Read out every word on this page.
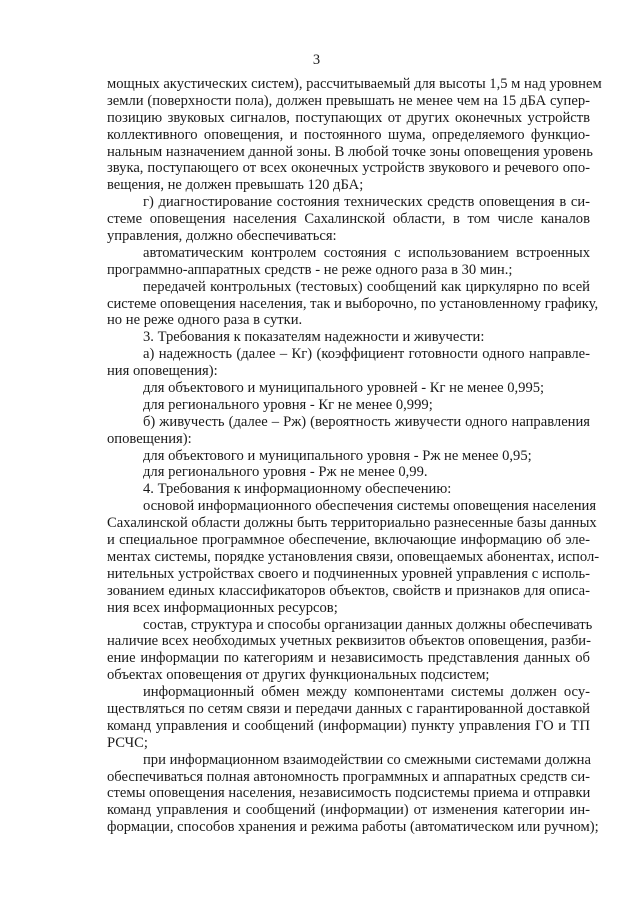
3
мощных акустических систем), рассчитываемый для высоты 1,5 м над уровнем
земли (поверхности пола), должен превышать не менее чем на 15 дБА супер-
позицию звуковых сигналов, поступающих от других оконечных устройств
коллективного оповещения, и постоянного шума, определяемого функцио-
нальным назначением данной зоны. В любой точке зоны оповещения уровень
звука, поступающего от всех оконечных устройств звукового и речевого опо-
вещения, не должен превышать 120 дБА;
г) диагностирование состояния технических средств оповещения в си-
стеме оповещения населения Сахалинской области, в том числе каналов
управления, должно обеспечиваться:
автоматическим контролем состояния с использованием встроенных
программно-аппаратных средств - не реже одного раза в 30 мин.;
передачей контрольных (тестовых) сообщений как циркулярно по всей
системе оповещения населения, так и выборочно, по установленному графику,
но не реже одного раза в сутки.
3. Требования к показателям надежности и живучести:
а) надежность (далее – Кг) (коэффициент готовности одного направле-
ния оповещения):
для объектового и муниципального уровней - Кг не менее 0,995;
для регионального уровня - Кг не менее 0,999;
б) живучесть (далее – Рж) (вероятность живучести одного направления
оповещения):
для объектового и муниципального уровня - Рж не менее 0,95;
для регионального уровня - Рж не менее 0,99.
4. Требования к информационному обеспечению:
основой информационного обеспечения системы оповещения населения
Сахалинской области должны быть территориально разнесенные базы данных
и специальное программное обеспечение, включающие информацию об эле-
ментах системы, порядке установления связи, оповещаемых абонентах, испол-
нительных устройствах своего и подчиненных уровней управления с исполь-
зованием единых классификаторов объектов, свойств и признаков для описа-
ния всех информационных ресурсов;
состав, структура и способы организации данных должны обеспечивать
наличие всех необходимых учетных реквизитов объектов оповещения, разби-
ение информации по категориям и независимость представления данных об
объектах оповещения от других функциональных подсистем;
информационный обмен между компонентами системы должен осу-
ществляться по сетям связи и передачи данных с гарантированной доставкой
команд управления и сообщений (информации) пункту управления ГО и ТП
РСЧС;
при информационном взаимодействии со смежными системами должна
обеспечиваться полная автономность программных и аппаратных средств си-
стемы оповещения населения, независимость подсистемы приема и отправки
команд управления и сообщений (информации) от изменения категории ин-
формации, способов хранения и режима работы (автоматическом или ручном);
